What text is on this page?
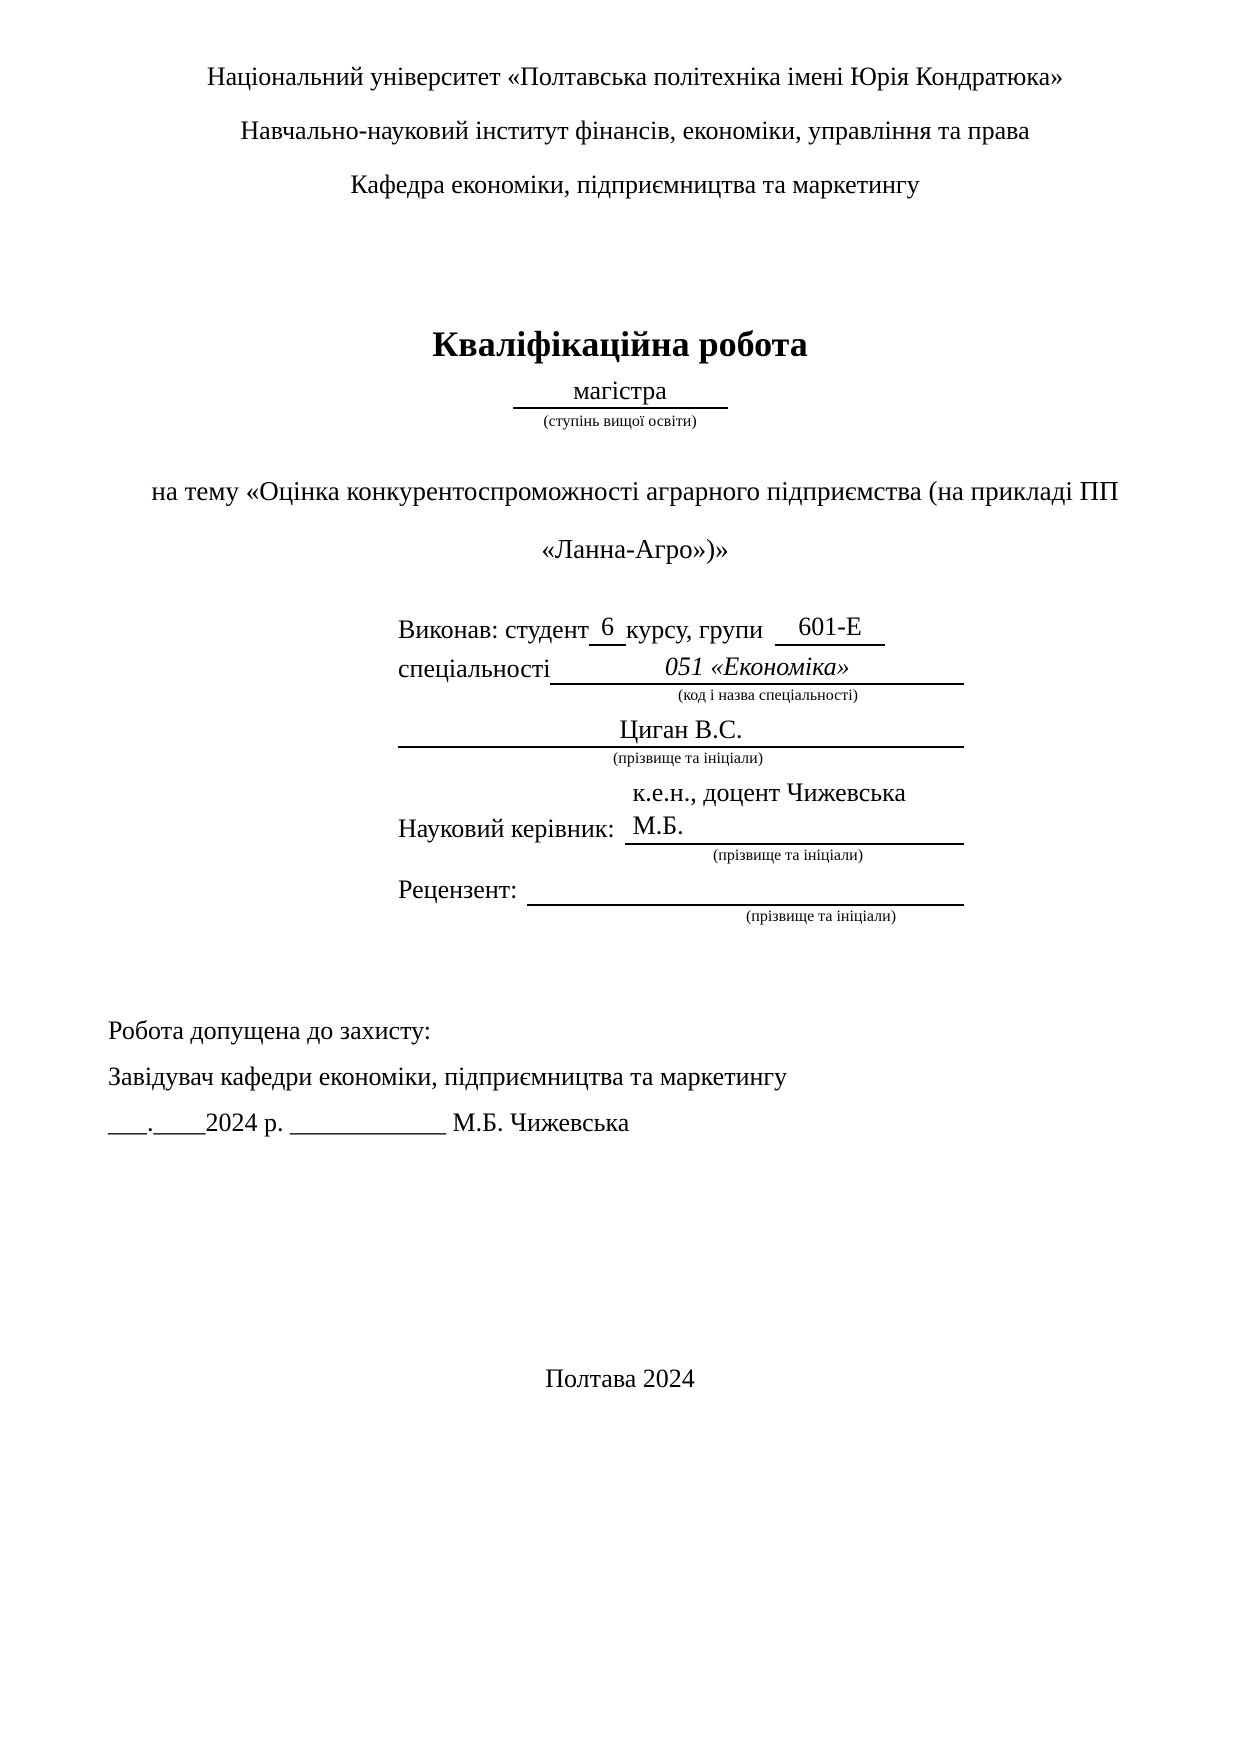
Національний університет «Полтавська політехніка імені Юрія Кондратюка»
Навчально-науковий інститут фінансів, економіки, управління та права
Кафедра економіки, підприємництва та маркетингу
Кваліфікаційна робота
магістра
(ступінь вищої освіти)
на тему «Оцінка конкурентоспроможності аграрного підприємства (на прикладі ПП «Ланна-Агро»)»
Виконав: студент 6 курсу, групи	601-Е
спеціальності	051 «Економіка»
(код і назва спеціальності)
Циган В.С.
(прізвище та ініціали)
Науковий керівник:
к.е.н., доцент Чижевська М.Б.
(прізвище та ініціали)
Рецензент:
(прізвище та ініціали)
Робота допущена до захисту:
Завідувач кафедри економіки, підприємництва та маркетингу
___.____2024 р. ____________ М.Б. Чижевська
Полтава 2024
